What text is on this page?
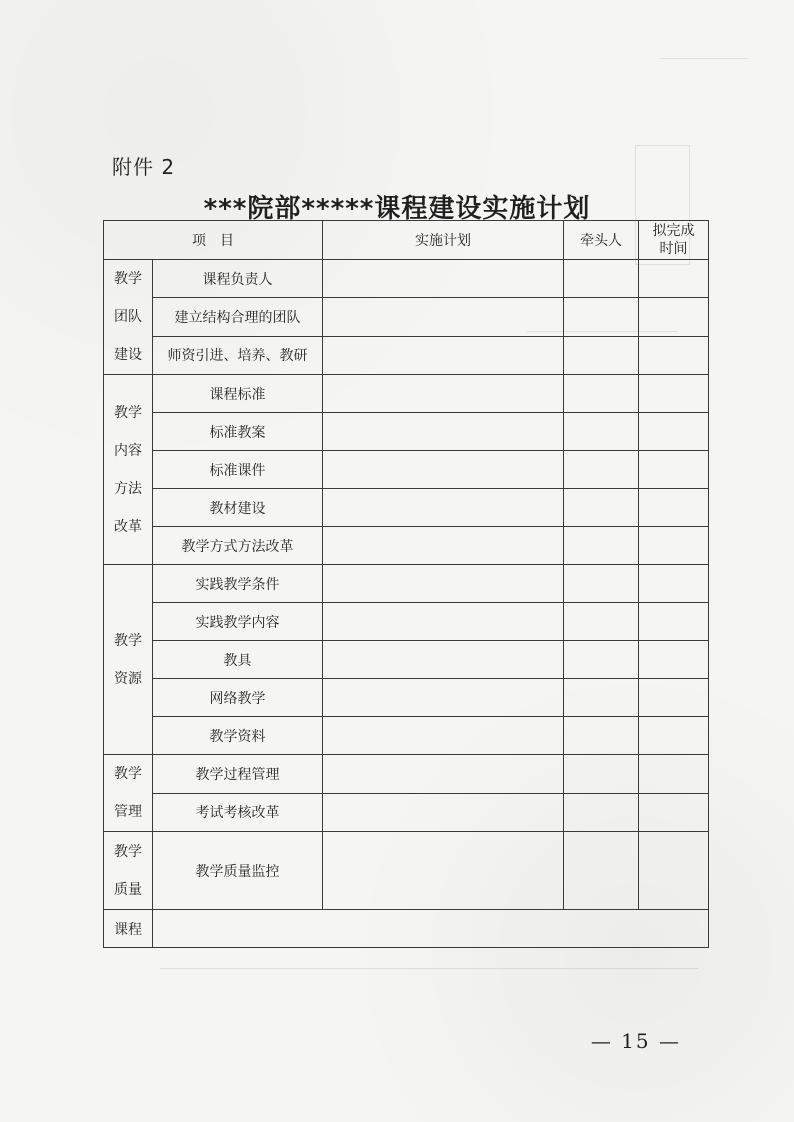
附件 2
***院部*****课程建设实施计划
项　目		实施计划	牵头人	拟完成
时间

教学
团队
建设	课程负责人			
	建立结构合理的团队			
	师资引进、培养、教研			

教学
内容
方法
改革	课程标准			
	标准教案			
	标准课件			
	教材建设			
	教学方式方法改革			

教学
资源	实践教学条件			
	实践教学内容			
	教具			
	网络教学			
	教学资料			

教学
管理	教学过程管理			
	考试考核改革			

教学
质量	教学质量监控			
课程				
— 15 —
